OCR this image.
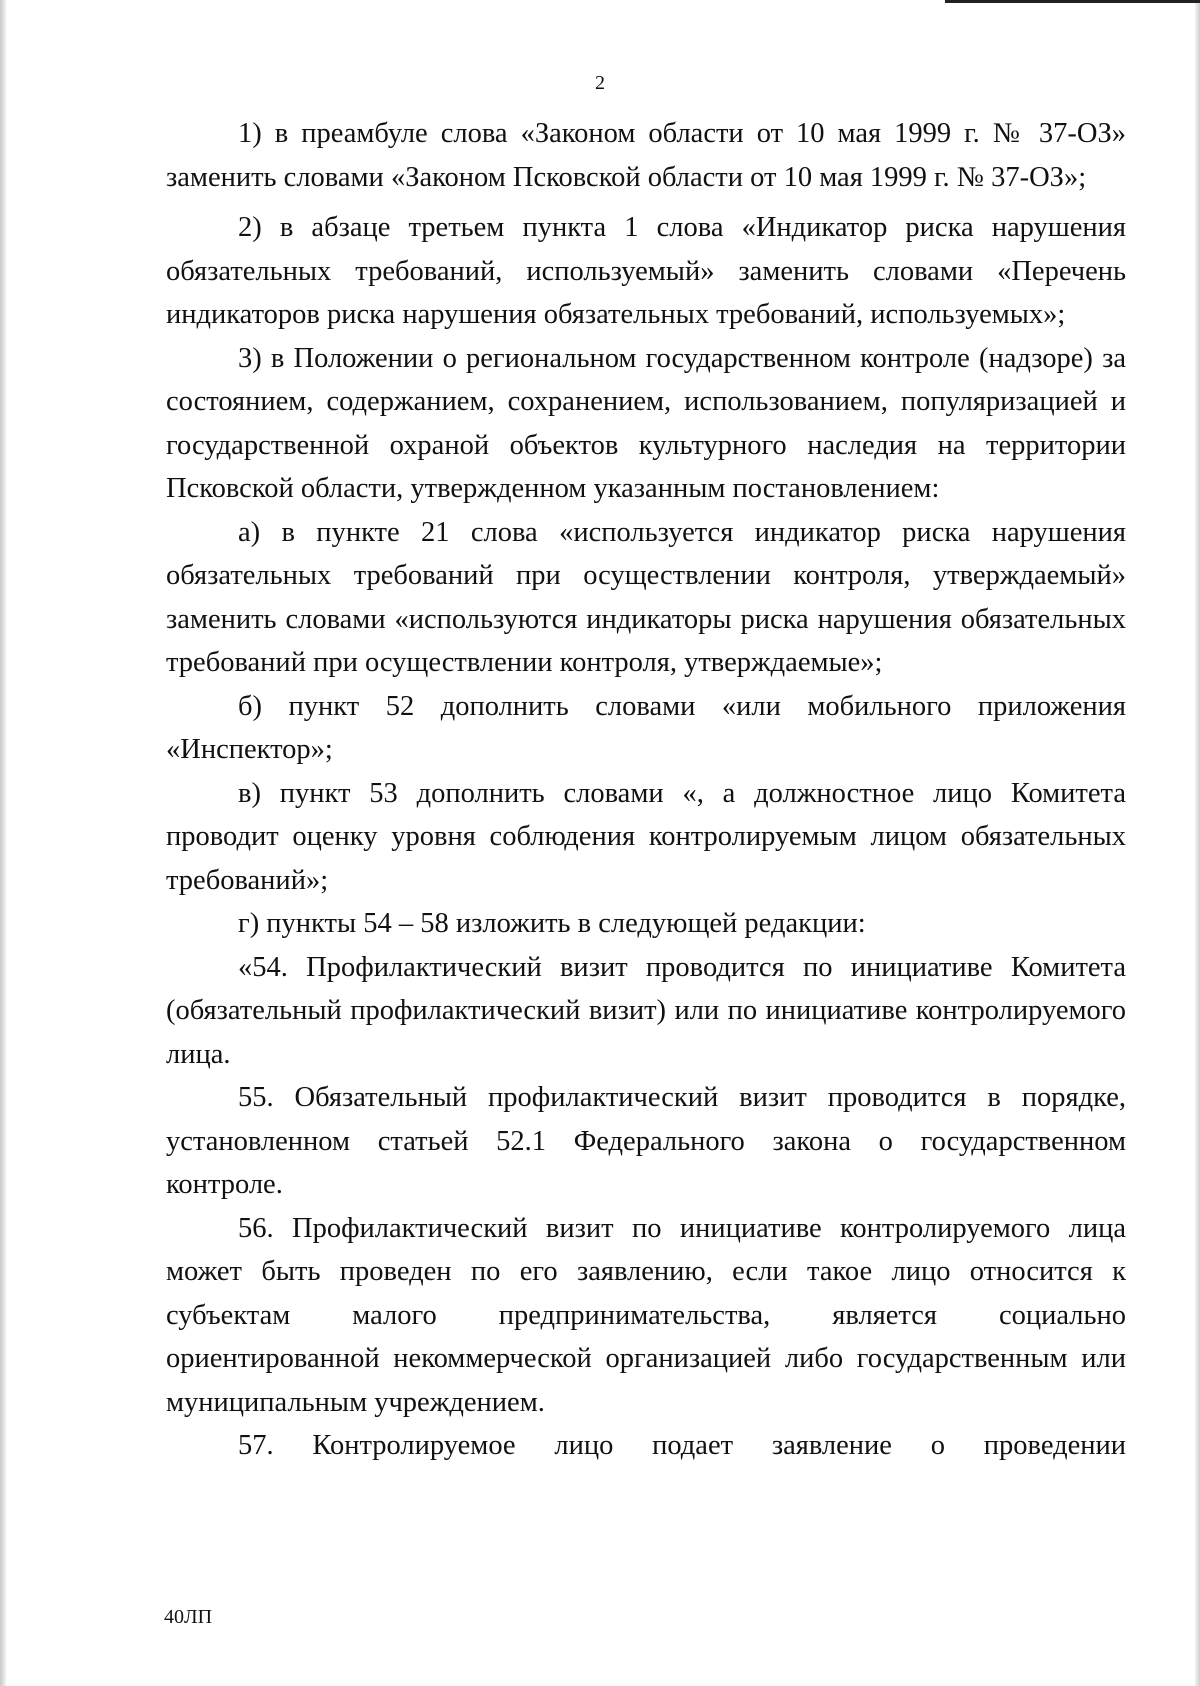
2

1) в преамбуле слова «Законом области от 10 мая 1999 г. № 37-ОЗ» заменить словами «Законом Псковской области от 10 мая 1999 г. № 37-ОЗ»;

2) в абзаце третьем пункта 1 слова «Индикатор риска нарушения обязательных требований, используемый» заменить словами «Перечень индикаторов риска нарушения обязательных требований, используемых»;

3) в Положении о региональном государственном контроле (надзоре) за состоянием, содержанием, сохранением, использованием, популяризацией и государственной охраной объектов культурного наследия на территории Псковской области, утвержденном указанным постановлением:

а) в пункте 21 слова «используется индикатор риска нарушения обязательных требований при осуществлении контроля, утверждаемый» заменить словами «используются индикаторы риска нарушения обязательных требований при осуществлении контроля, утверждаемые»;

б) пункт 52 дополнить словами «или мобильного приложения «Инспектор»;

в) пункт 53 дополнить словами «, а должностное лицо Комитета проводит оценку уровня соблюдения контролируемым лицом обязательных требований»;

г) пункты 54 – 58 изложить в следующей редакции:

«54. Профилактический визит проводится по инициативе Комитета (обязательный профилактический визит) или по инициативе контролируемого лица.

55. Обязательный профилактический визит проводится в порядке, установленном статьей 52.1 Федерального закона о государственном контроле.

56. Профилактический визит по инициативе контролируемого лица может быть проведен по его заявлению, если такое лицо относится к субъектам малого предпринимательства, является социально ориентированной некоммерческой организацией либо государственным или муниципальным учреждением.

57. Контролируемое лицо подает заявление о проведении

40ЛП
